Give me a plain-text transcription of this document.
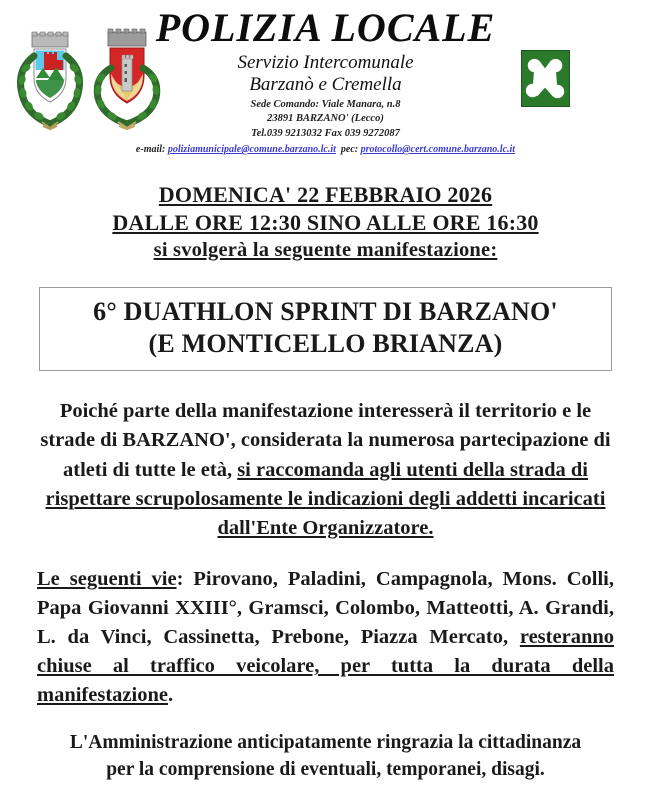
POLIZIA LOCALE
Servizio Intercomunale
Barzanò e Cremella
Sede Comando: Viale Manara, n.8
23891 BARZANO' (Lecco)
Tel.039 9213032 Fax 039 9272087
e-mail: poliziamunicipale@comune.barzano.lc.it pec: protocollo@cert.comune.barzano.lc.it
DOMENICA' 22 FEBBRAIO 2026
DALLE ORE 12:30 SINO ALLE ORE 16:30
si svolgerà la seguente manifestazione:
6° DUATHLON SPRINT DI BARZANO'
(E MONTICELLO BRIANZA)
Poiché parte della manifestazione interesserà il territorio e le strade di BARZANO', considerata la numerosa partecipazione di atleti di tutte le età, si raccomanda agli utenti della strada di rispettare scrupolosamente le indicazioni degli addetti incaricati dall'Ente Organizzatore.
Le seguenti vie: Pirovano, Paladini, Campagnola, Mons. Colli, Papa Giovanni XXIII°, Gramsci, Colombo, Matteotti, A. Grandi, L. da Vinci, Cassinetta, Prebone, Piazza Mercato, resteranno chiuse al traffico veicolare, per tutta la durata della manifestazione.
L'Amministrazione anticipatamente ringrazia la cittadinanza
per la comprensione di eventuali, temporanei, disagi.
